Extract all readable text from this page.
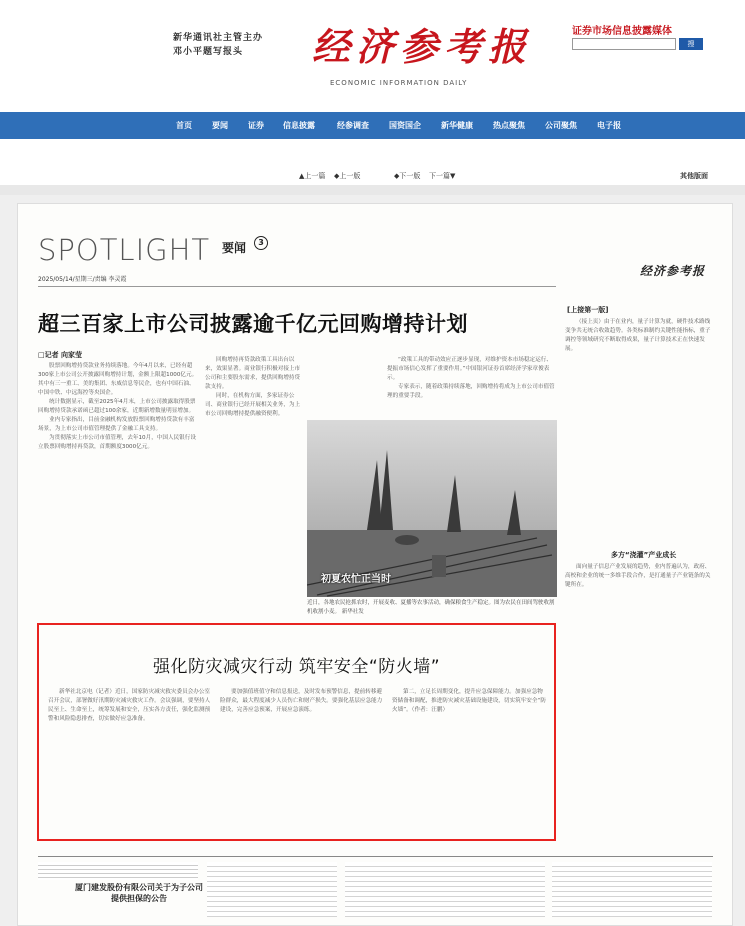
新华通讯社主管主办
邓小平题写报头 经济参考报
ECONOMIC INFORMATION DAILY
证券市场信息披露媒体
搜索
首页	要闻	证券 信息披露	经参调查	国资国企	新华健康	热点聚焦	公司聚焦	电子报
▲上一篇 ◆上一版	◆下一版 下一篇▼	其他版面
SPOTLIGHT 要闻	3
2025/05/14/星期三/责编 李灵霞
经济参考报
超三百家上市公司披露逾千亿元回购增持计划
□记者 向家莹

股票回购增持贷款业务持续落地。今年4月以来，已经有超300家上市公司公开披露回购增持计划，金额上限超1000亿元。其中有三一重工、美的集团、东威信息等民企，也有中国石油、中国中铁、中远海控等央国企。

统计数据显示，截至2025年4月末，上市公司披露取得股票回购增持贷款承诺函已超过100余家，近期新增数量明显增加。

业内专家指出，目前金融机构发放股票回购增持贷款有丰富场景，为上市公司市值管理提供了金融工具支持。

为贯彻落实上市公司市值管理，去年10月，中国人民银行设立股票回购增持再贷款，首期额度3000亿元。

回购增持再贷款政策工具出台以来，效果显著。商业银行积极对接上市公司和主要股东需求，提供回购增持贷款支持。

同时，在机构方面，多家证券公司、商业银行已经开展相关业务，为上市公司回购增持提供融资便利。

“政策工具的带动效应正逐步显现，对维护资本市场稳定运行、提振市场信心发挥了重要作用。”中国银河证券首席经济学家章俊表示。

专家表示，随着政策持续落地，回购增持将成为上市公司市值管理的重要手段。

初夏农忙正当时
近日，各地农民抢抓农时，开展麦收、夏播等农事活动，确保粮食生产稳定。图为农民在田间驾驶收割机收割小麦。 新华社发
强化防灾减灾行动 筑牢安全“防火墙”

新华社北京电（记者）近日，国家防灾减灾救灾委员会办公室召开会议，部署做好汛期防灾减灾救灾工作。会议强调，要坚持人民至上、生命至上，统筹发展和安全，压实各方责任，强化监测预警和风险隐患排查，切实做好应急准备。

要加强值班值守和信息报送，及时发布预警信息，提前转移避险群众，最大程度减少人员伤亡和财产损失。要强化基层应急能力建设，完善应急预案，开展应急演练。

第二，立足长周期变化，提升应急保障能力。加强应急物资储备和调配，推进防灾减灾基础设施建设，切实筑牢安全“防火墙”。（作者：汪鹏）

[上接第一版]

（接上页）由于在业内，量子计算为就，硬件技术路线变争共无统合收敛趋势。各类标准制约关键性能指标，重子调控等领域研究不断取得成果，量子计算技术正在快速发展。

多方“浇灌”产业成长

面向量子信息产业发展的趋势，业内普遍认为，政府、高校和企业的统一多维手段合作，是打通量子产业链条的关键所在。

厦门建发股份有限公司关于为子公司提供担保的公告
